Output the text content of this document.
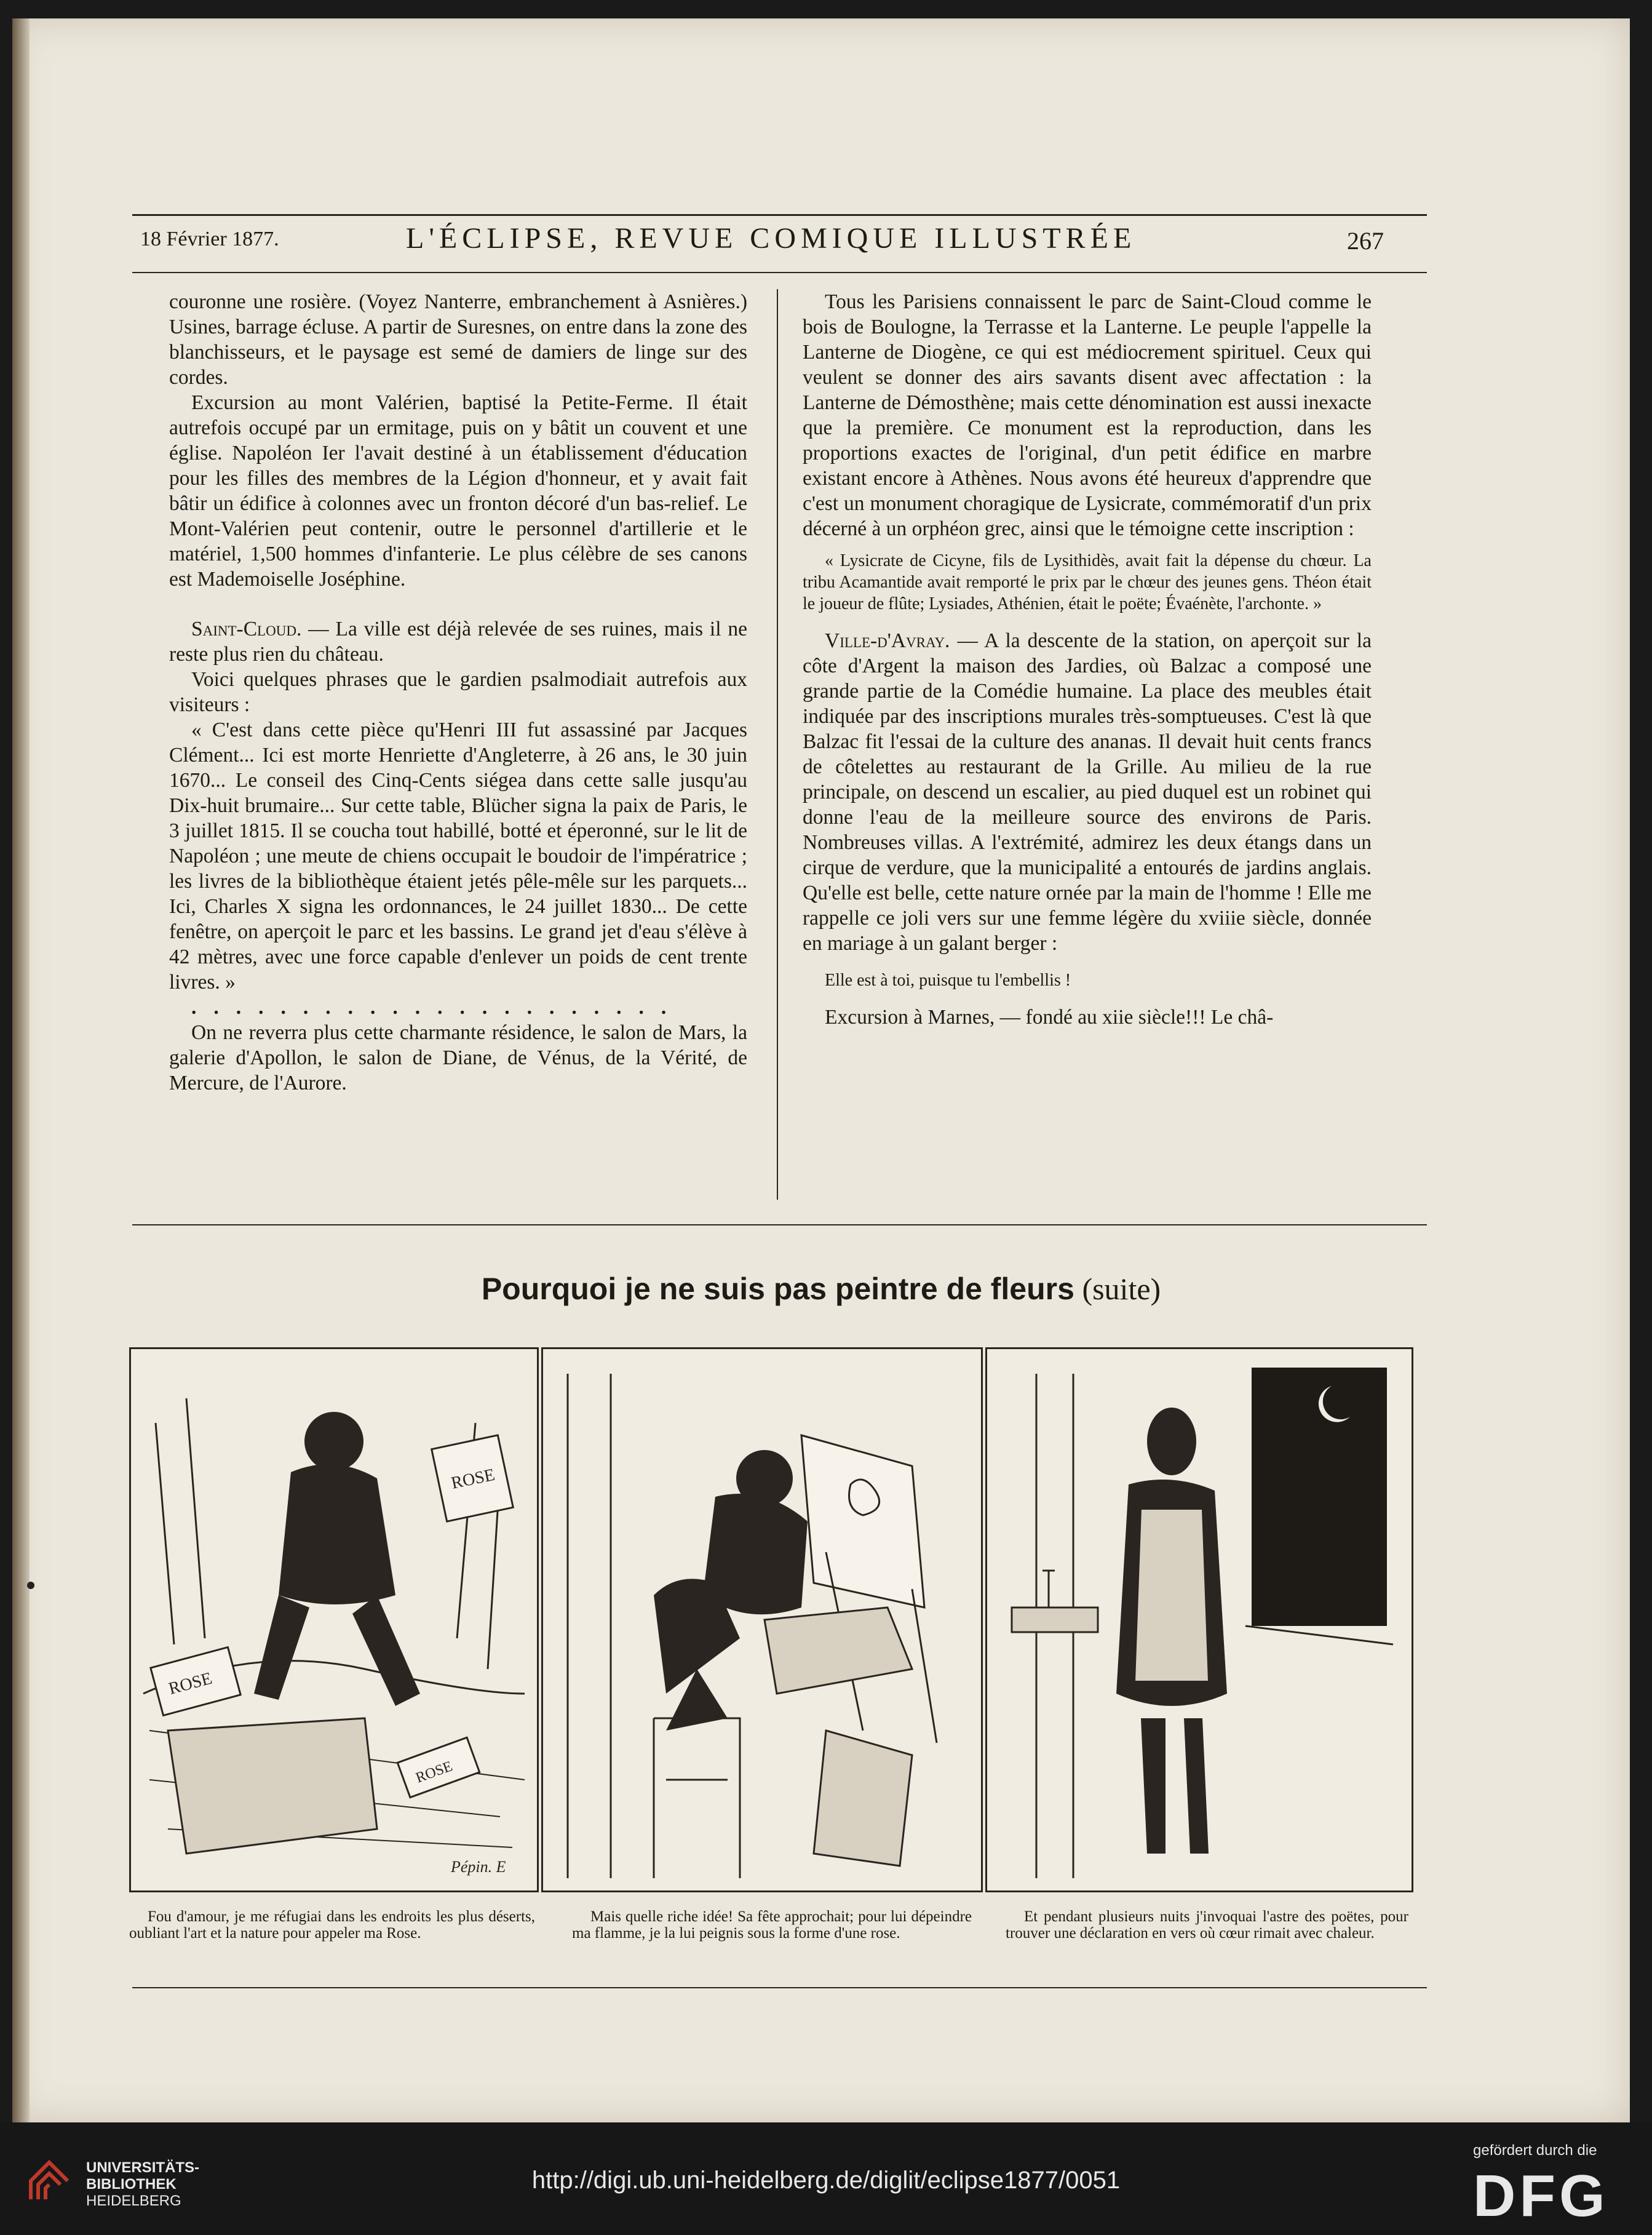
18 Février 1877.	L'ÉCLIPSE, REVUE COMIQUE ILLUSTRÉE	267

couronne une rosière. (Voyez Nanterre, embranchement à Asnières.) Usines, barrage écluse. A partir de Suresnes, on entre dans la zone des blanchisseurs, et le paysage est semé de damiers de linge sur des cordes.

Excursion au mont Valérien, baptisé la Petite-Ferme. Il était autrefois occupé par un ermitage, puis on y bâtit un couvent et une église. Napoléon Ier l'avait destiné à un établissement d'éducation pour les filles des membres de la Légion d'honneur, et y avait fait bâtir un édifice à colonnes avec un fronton décoré d'un bas-relief. Le Mont-Valérien peut contenir, outre le personnel d'artillerie et le matériel, 1,500 hommes d'infanterie. Le plus célèbre de ses canons est Mademoiselle Joséphine.

Saint-Cloud. — La ville est déjà relevée de ses ruines, mais il ne reste plus rien du château.

Voici quelques phrases que le gardien psalmodiait autrefois aux visiteurs :

« C'est dans cette pièce qu'Henri III fut assassiné par Jacques Clément... Ici est morte Henriette d'Angleterre, à 26 ans, le 30 juin 1670... Le conseil des Cinq-Cents siégea dans cette salle jusqu'au Dix-huit brumaire... Sur cette table, Blücher signa la paix de Paris, le 3 juillet 1815. Il se coucha tout habillé, botté et éperonné, sur le lit de Napoléon ; une meute de chiens occupait le boudoir de l'impératrice ; les livres de la bibliothèque étaient jetés pêle-mêle sur les parquets... Ici, Charles X signa les ordonnances, le 24 juillet 1830... De cette fenêtre, on aperçoit le parc et les bassins. Le grand jet d'eau s'élève à 42 mètres, avec une force capable d'enlever un poids de cent trente livres. »

......................

On ne reverra plus cette charmante résidence, le salon de Mars, la galerie d'Apollon, le salon de Diane, de Vénus, de la Vérité, de Mercure, de l'Aurore.

Tous les Parisiens connaissent le parc de Saint-Cloud comme le bois de Boulogne, la Terrasse et la Lanterne. Le peuple l'appelle la Lanterne de Diogène, ce qui est médiocrement spirituel. Ceux qui veulent se donner des airs savants disent avec affectation : la Lanterne de Démosthène; mais cette dénomination est aussi inexacte que la première. Ce monument est la reproduction, dans les proportions exactes de l'original, d'un petit édifice en marbre existant encore à Athènes. Nous avons été heureux d'apprendre que c'est un monument choragique de Lysicrate, commémoratif d'un prix décerné à un orphéon grec, ainsi que le témoigne cette inscription :

« Lysicrate de Cicyne, fils de Lysithidès, avait fait la dépense du chœur. La tribu Acamantide avait remporté le prix par le chœur des jeunes gens. Théon était le joueur de flûte; Lysiades, Athénien, était le poëte; Évaénète, l'archonte. »

Ville-d'Avray. — A la descente de la station, on aperçoit sur la côte d'Argent la maison des Jardies, où Balzac a composé une grande partie de la Comédie humaine. La place des meubles était indiquée par des inscriptions murales très-somptueuses. C'est là que Balzac fit l'essai de la culture des ananas. Il devait huit cents francs de côtelettes au restaurant de la Grille. Au milieu de la rue principale, on descend un escalier, au pied duquel est un robinet qui donne l'eau de la meilleure source des environs de Paris. Nombreuses villas. A l'extrémité, admirez les deux étangs dans un cirque de verdure, que la municipalité a entourés de jardins anglais. Qu'elle est belle, cette nature ornée par la main de l'homme ! Elle me rappelle ce joli vers sur une femme légère du xviiie siècle, donnée en mariage à un galant berger :

Elle est à toi, puisque tu l'embellis !

Excursion à Marnes, — fondé au xiie siècle!!! Le châ-

Pourquoi je ne suis pas peintre de fleurs (suite)
ROSE
ROSE
ROSE
Pépin. E

Fou d'amour, je me réfugiai dans les endroits les plus déserts, oubliant l'art et la nature pour appeler ma Rose.

Mais quelle riche idée! Sa fête approchait; pour lui dépeindre ma flamme, je la lui peignis sous la forme d'une rose.

Et pendant plusieurs nuits j'invoquai l'astre des poëtes, pour trouver une déclaration en vers où cœur rimait avec chaleur.

UNIVERSITÄTS-
BIBLIOTHEK
HEIDELBERG
http://digi.ub.uni-heidelberg.de/diglit/eclipse1877/0051
gefördert durch die
DFG
